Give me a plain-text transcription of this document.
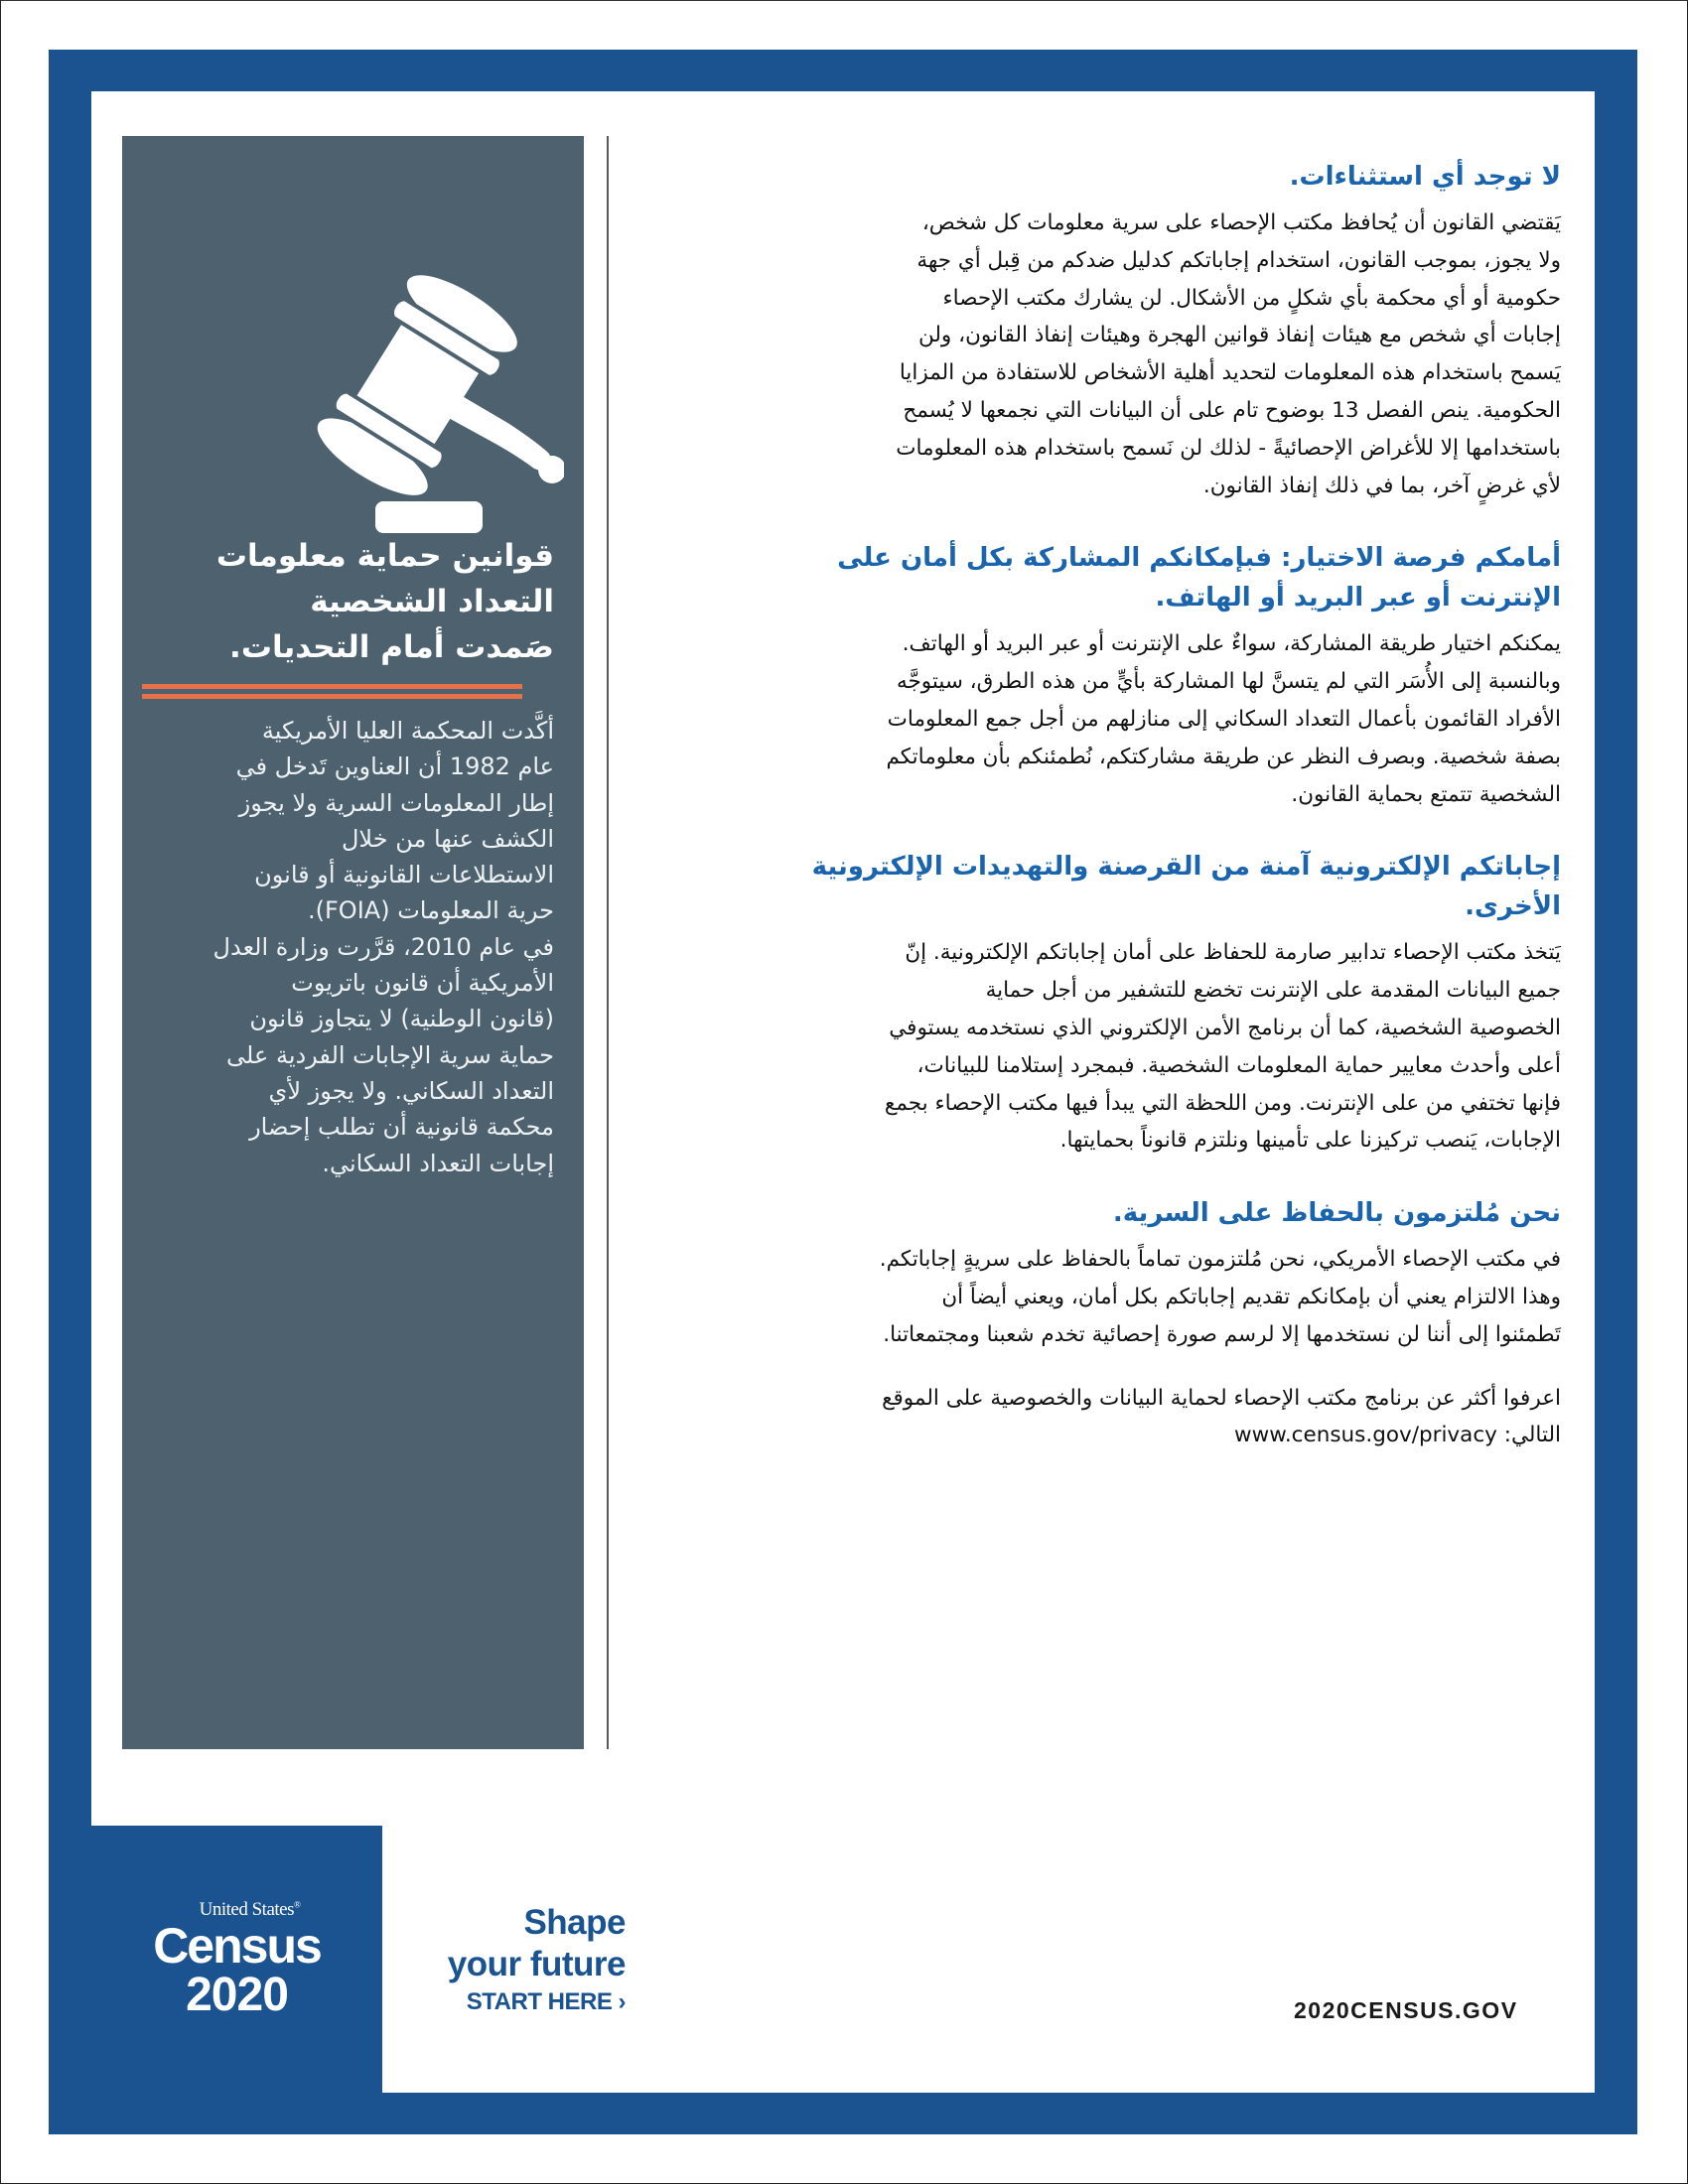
قوانين حماية معلومات
التعداد الشخصية
صَمدت أمام التحديات.

أكَّدت المحكمة العليا الأمريكية
عام 1982 أن العناوين تَدخل في
إطار المعلومات السرية ولا يجوز
الكشف عنها من خلال
الاستطلاعات القانونية أو قانون
حرية المعلومات (FOIA).
في عام 2010، قرَّرت وزارة العدل
الأمريكية أن قانون باتريوت
(قانون الوطنية) لا يتجاوز قانون
حماية سرية الإجابات الفردية على
التعداد السكاني. ولا يجوز لأي
محكمة قانونية أن تطلب إحضار
إجابات التعداد السكاني.

لا توجد أي استثناءات.

يَقتضي القانون أن يُحافظ مكتب الإحصاء على سرية معلومات كل شخص،
ولا يجوز، بموجب القانون، استخدام إجاباتكم كدليل ضدكم من قِبل أي جهة
حكومية أو أي محكمة بأي شكلٍ من الأشكال. لن يشارك مكتب الإحصاء
إجابات أي شخص مع هيئات إنفاذ قوانين الهجرة وهيئات إنفاذ القانون، ولن
يَسمح باستخدام هذه المعلومات لتحديد أهلية الأشخاص للاستفادة من المزايا
الحكومية. ينص الفصل 13 بوضوح تام على أن البيانات التي نجمعها لا يُسمح
باستخدامها إلا للأغراض الإحصائيةً - لذلك لن نَسمح باستخدام هذه المعلومات
لأي غرضٍ آخر، بما في ذلك إنفاذ القانون.

أمامكم فرصة الاختيار: فبإمكانكم المشاركة بكل أمان على
الإنترنت أو عبر البريد أو الهاتف.

يمكنكم اختيار طريقة المشاركة، سواءٌ على الإنترنت أو عبر البريد أو الهاتف.
وبالنسبة إلى الأُسَر التي لم يتسنَّ لها المشاركة بأيٍّ من هذه الطرق، سيتوجَّه
الأفراد القائمون بأعمال التعداد السكاني إلى منازلهم من أجل جمع المعلومات
بصفة شخصية. وبصرف النظر عن طريقة مشاركتكم، نُطمئنكم بأن معلوماتكم
الشخصية تتمتع بحماية القانون.

إجاباتكم الإلكترونية آمنة من القرصنة والتهديدات الإلكترونية
الأخرى.

يَتخذ مكتب الإحصاء تدابير صارمة للحفاظ على أمان إجاباتكم الإلكترونية. إنّ
جميع البيانات المقدمة على الإنترنت تخضع للتشفير من أجل حماية
الخصوصية الشخصية، كما أن برنامج الأمن الإلكتروني الذي نستخدمه يستوفي
أعلى وأحدث معايير حماية المعلومات الشخصية. فبمجرد إستلامنا للبيانات،
فإنها تختفي من على الإنترنت. ومن اللحظة التي يبدأ فيها مكتب الإحصاء بجمع
الإجابات، يَنصب تركيزنا على تأمينها ونلتزم قانوناً بحمايتها.

نحن مُلتزمون بالحفاظ على السرية.

في مكتب الإحصاء الأمريكي، نحن مُلتزمون تماماً بالحفاظ على سريةٍ إجاباتكم.
وهذا الالتزام يعني أن بإمكانكم تقديم إجاباتكم بكل أمان، ويعني أيضاً أن
تَطمئنوا إلى أننا لن نستخدمها إلا لرسم صورة إحصائية تخدم شعبنا ومجتمعاتنا.

اعرفوا أكثر عن برنامج مكتب الإحصاء لحماية البيانات والخصوصية على الموقع
التالي: www.census.gov/privacy

United States®
Census
2020
Shape
your future
START HERE ›	2020CENSUS.GOV
